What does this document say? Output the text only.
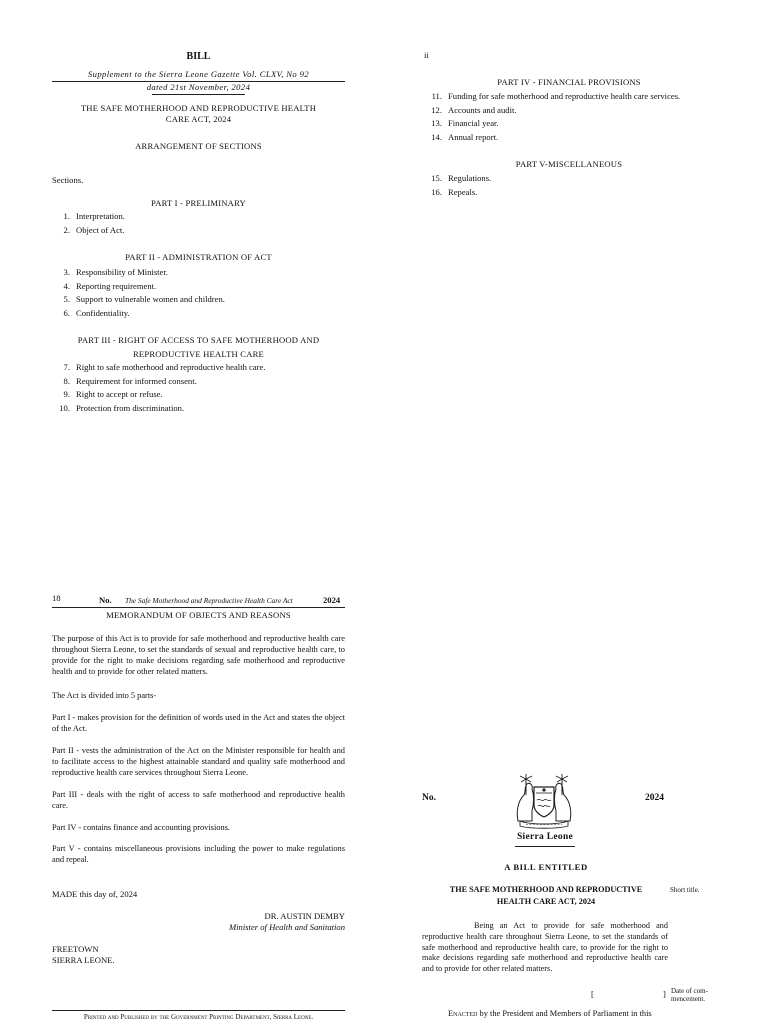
BILL
Supplement to the Sierra Leone Gazette Vol. CLXV, No 92
dated 21st November, 2024
THE SAFE MOTHERHOOD AND REPRODUCTIVE HEALTH
CARE ACT, 2024
ARRANGEMENT OF SECTIONS
Sections.
PART I - PRELIMINARY
1. Interpretation.
2. Object of Act.
PART II - ADMINISTRATION OF ACT
3. Responsibility of Minister.
4. Reporting requirement.
5. Support to vulnerable women and children.
6. Confidentiality.
PART III - RIGHT OF ACCESS TO SAFE MOTHERHOOD AND
REPRODUCTIVE HEALTH CARE
7. Right to safe motherhood and reproductive health care.
8. Requirement for informed consent.
9. Right to accept or refuse.
10. Protection from discrimination.
ii
PART IV - FINANCIAL PROVISIONS
11. Funding for safe motherhood and reproductive health care services.
12. Accounts and audit.
13. Financial year.
14. Annual report.
PART V-MISCELLANEOUS
15. Regulations.
16. Repeals.
18	No. The Safe Motherhood and Reproductive Health Care Act	2024
MEMORANDUM OF OBJECTS AND REASONS
The purpose of this Act is to provide for safe motherhood and reproductive health care throughout Sierra Leone, to set the standards of sexual and reproductive health care, to provide for the right to make decisions regarding safe motherhood and reproductive health and to provide for other related matters.
The Act is divided into 5 parts-
Part I - makes provision for the definition of words used in the Act and states the object of the Act.
Part II - vests the administration of the Act on the Minister responsible for health and to facilitate access to the highest attainable standard and quality safe motherhood and reproductive health care services throughout Sierra Leone.
Part III - deals with the right of access to safe motherhood and reproductive health care.
Part IV - contains finance and accounting provisions.
Part V - contains miscellaneous provisions including the power to make regulations and repeal.
MADE this day of, 2024
DR. AUSTIN DEMBY
Minister of Health and Sanitation
FREETOWN
SIERRA LEONE.
Printed and Published by the Government Printing Department, Sierra Leone.
No.	2024
Sierra Leone
A BILL ENTITLED
THE SAFE MOTHERHOOD AND REPRODUCTIVE
HEALTH CARE ACT, 2024
Short title.
Being an Act to provide for safe motherhood and reproductive health care throughout Sierra Leone, to set the standards of safe motherhood and reproductive health care, to provide for the right to make decisions regarding safe motherhood and reproductive health care and to provide for other related matters.
[	] Date of com-
mencement.
Enacted by the President and Members of Parliament in this
